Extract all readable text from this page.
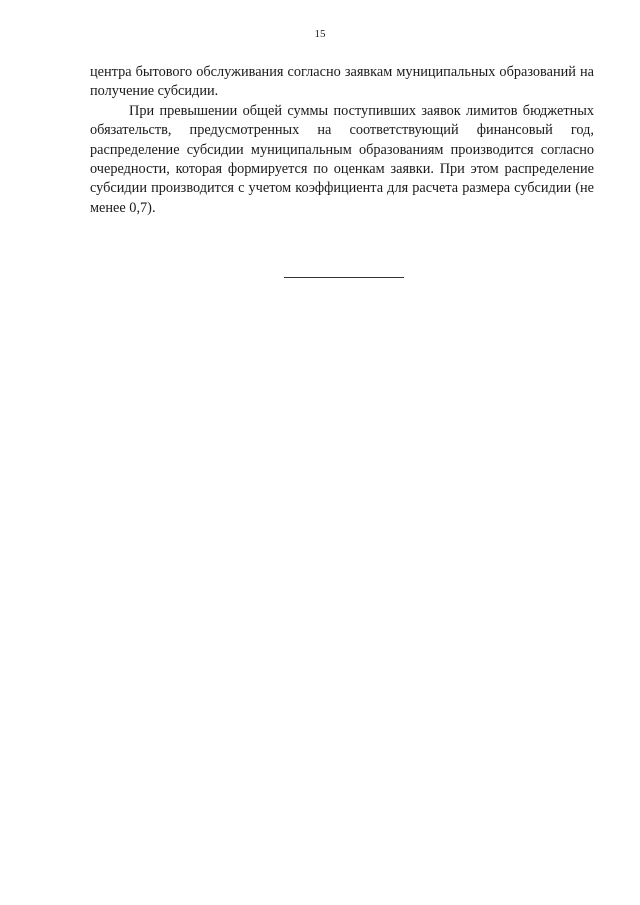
15

центра бытового обслуживания согласно заявкам муниципальных образований на получение субсидии.

При превышении общей суммы поступивших заявок лимитов бюджетных обязательств, предусмотренных на соответствующий финансовый год, распределение субсидии муниципальным образованиям производится согласно очередности, которая формируется по оценкам заявки. При этом распределение субсидии производится с учетом коэффициента для расчета размера субсидии (не менее 0,7).
